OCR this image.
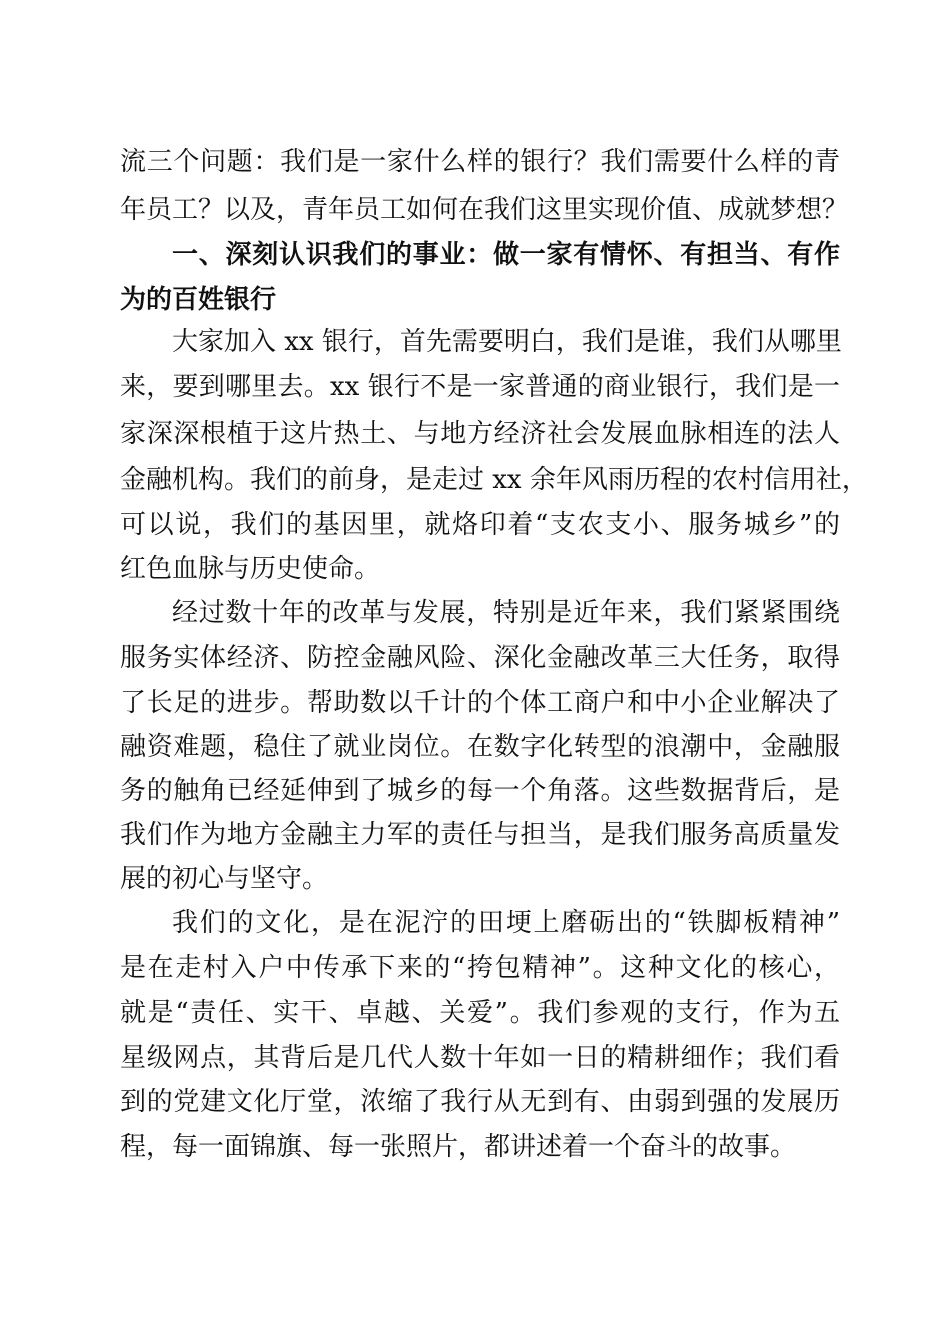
流三个问题：我们是一家什么样的银行？我们需要什么样的青
年员工？以及，青年员工如何在我们这里实现价值、成就梦想？
一、深刻认识我们的事业：做一家有情怀、有担当、有作
为的百姓银行
大家加入 xx 银行，首先需要明白，我们是谁，我们从哪里
来，要到哪里去。xx 银行不是一家普通的商业银行，我们是一
家深深根植于这片热土、与地方经济社会发展血脉相连的法人
金融机构。我们的前身，是走过 xx 余年风雨历程的农村信用社，
可以说，我们的基因里，就烙印着“支农支小、服务城乡”的
红色血脉与历史使命。
经过数十年的改革与发展，特别是近年来，我们紧紧围绕
服务实体经济、防控金融风险、深化金融改革三大任务，取得
了长足的进步。帮助数以千计的个体工商户和中小企业解决了
融资难题，稳住了就业岗位。在数字化转型的浪潮中，金融服
务的触角已经延伸到了城乡的每一个角落。这些数据背后，是
我们作为地方金融主力军的责任与担当，是我们服务高质量发
展的初心与坚守。
我们的文化，是在泥泞的田埂上磨砺出的“铁脚板精神”
是在走村入户中传承下来的“挎包精神”。这种文化的核心，
就是“责任、实干、卓越、关爱”。我们参观的支行，作为五
星级网点，其背后是几代人数十年如一日的精耕细作；我们看
到的党建文化厅堂，浓缩了我行从无到有、由弱到强的发展历
程，每一面锦旗、每一张照片，都讲述着一个奋斗的故事。
